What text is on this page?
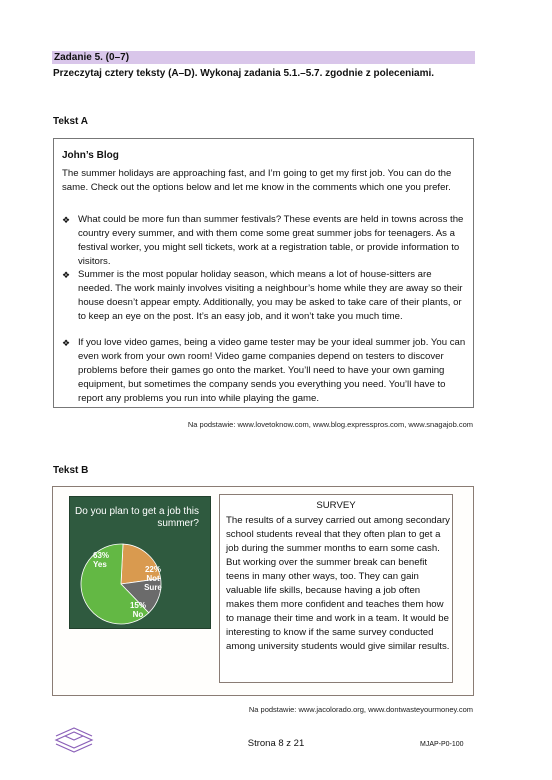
Zadanie 5. (0–7)
Przeczytaj cztery teksty (A–D). Wykonaj zadania 5.1.–5.7. zgodnie z poleceniami.
Tekst A
John’s Blog
The summer holidays are approaching fast, and I’m going to get my first job. You can do the same. Check out the options below and let me know in the comments which one you prefer.
❖ What could be more fun than summer festivals? These events are held in towns across the country every summer, and with them come some great summer jobs for teenagers. As a festival worker, you might sell tickets, work at a registration table, or provide information to visitors.
❖ Summer is the most popular holiday season, which means a lot of house-sitters are needed. The work mainly involves visiting a neighbour’s home while they are away so their house doesn’t appear empty. Additionally, you may be asked to take care of their plants, or to keep an eye on the post. It’s an easy job, and it won’t take you much time.
❖ If you love video games, being a video game tester may be your ideal summer job. You can even work from your own room! Video game companies depend on testers to discover problems before their games go onto the market. You’ll need to have your own gaming equipment, but sometimes the company sends you everything you need. You’ll have to report any problems you run into while playing the game.
Na podstawie: www.lovetoknow.com, www.blog.expresspros.com, www.snagajob.com
Tekst B
Do you plan to get a job this summer?
63%
Yes
22%
Not
Sure
15%
No
SURVEY
The results of a survey carried out among secondary school students reveal that they often plan to get a job during the summer months to earn some cash. But working over the summer break can benefit teens in many other ways, too. They can gain valuable life skills, because having a job often makes them more confident and teaches them how to manage their time and work in a team. It would be interesting to know if the same survey conducted among university students would give similar results.
Na podstawie: www.jacolorado.org, www.dontwasteyourmoney.com
Strona 8 z 21	MJAP-P0-100
